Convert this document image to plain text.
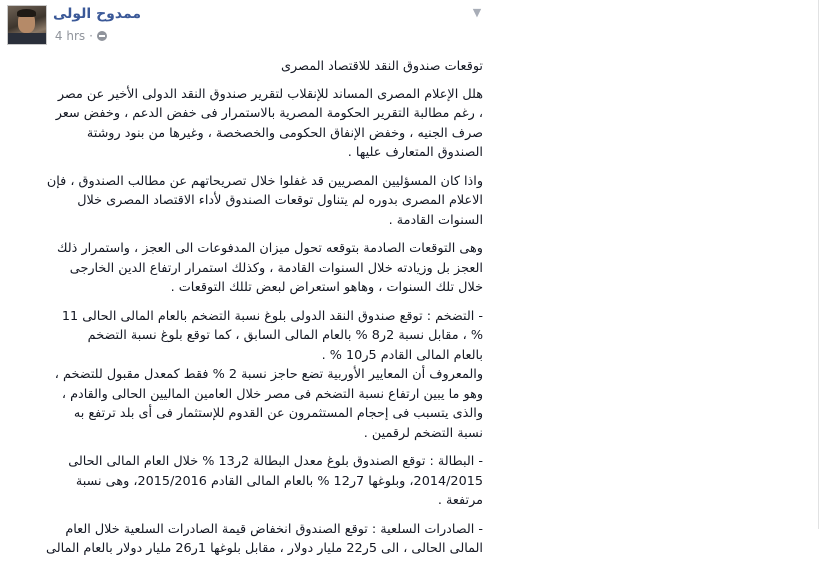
ممدوح الولى
4 hrs ·
▼

توقعات صندوق النقد للاقتصاد المصرى

هلل الإعلام المصرى المساند للإنقلاب لتقرير صندوق النقد الدولى الأخير عن مصر
، رغم مطالبة التقرير الحكومة المصرية بالاستمرار فى خفض الدعم ، وخفض سعر
صرف الجنيه ، وخفض الإنفاق الحكومى والخصخصة ، وغيرها من بنود روشتة
الصندوق المتعارف عليها .

واذا كان المسؤليين المصريين قد غفلوا خلال تصريحاتهم عن مطالب الصندوق ، فإن
الاعلام المصرى بدوره لم يتناول توقعات الصندوق لأداء الاقتصاد المصرى خلال
السنوات القادمة .

وهى التوقعات الصادمة بتوقعه تحول ميزان المدفوعات الى العجز ، واستمرار ذلك
العجز بل وزيادته خلال السنوات القادمة ، وكذلك استمرار ارتفاع الدين الخارجى
خلال تلك السنوات ، وهاهو استعراض لبعض تللك التوقعات .

- التضخم : توقع صندوق النقد الدولى بلوغ نسبة التضخم بالعام المالى الحالى 11
% ، مقابل نسبة 2ر8 % بالعام المالى السابق ، كما توقع بلوغ نسبة التضخم
بالعام المالى القادم 5ر10 % .

والمعروف أن المعايير الأوربية تضع حاجز نسبة 2 % فقط كمعدل مقبول للتضخم ،
وهو ما يبين ارتفاع نسبة التضخم فى مصر خلال العامين الماليين الحالى والقادم ،
والذى يتسبب فى إحجام المستثمرون عن القدوم للإستثمار فى أى بلد ترتفع به
نسبة التضخم لرقمين .

- البطالة : توقع الصندوق بلوغ معدل البطالة 2ر13 % خلال العام المالى الحالى
2014/2015، وبلوغها 7ر12 % بالعام المالى القادم 2015/2016، وهى نسبة
مرتفعة .

- الصادرات السلعية : توقع الصندوق انخفاض قيمة الصادرات السلعية خلال العام
المالى الحالى ، الى 5ر22 مليار دولار ، مقابل بلوغها 1ر26 مليار دولار بالعام المالى
